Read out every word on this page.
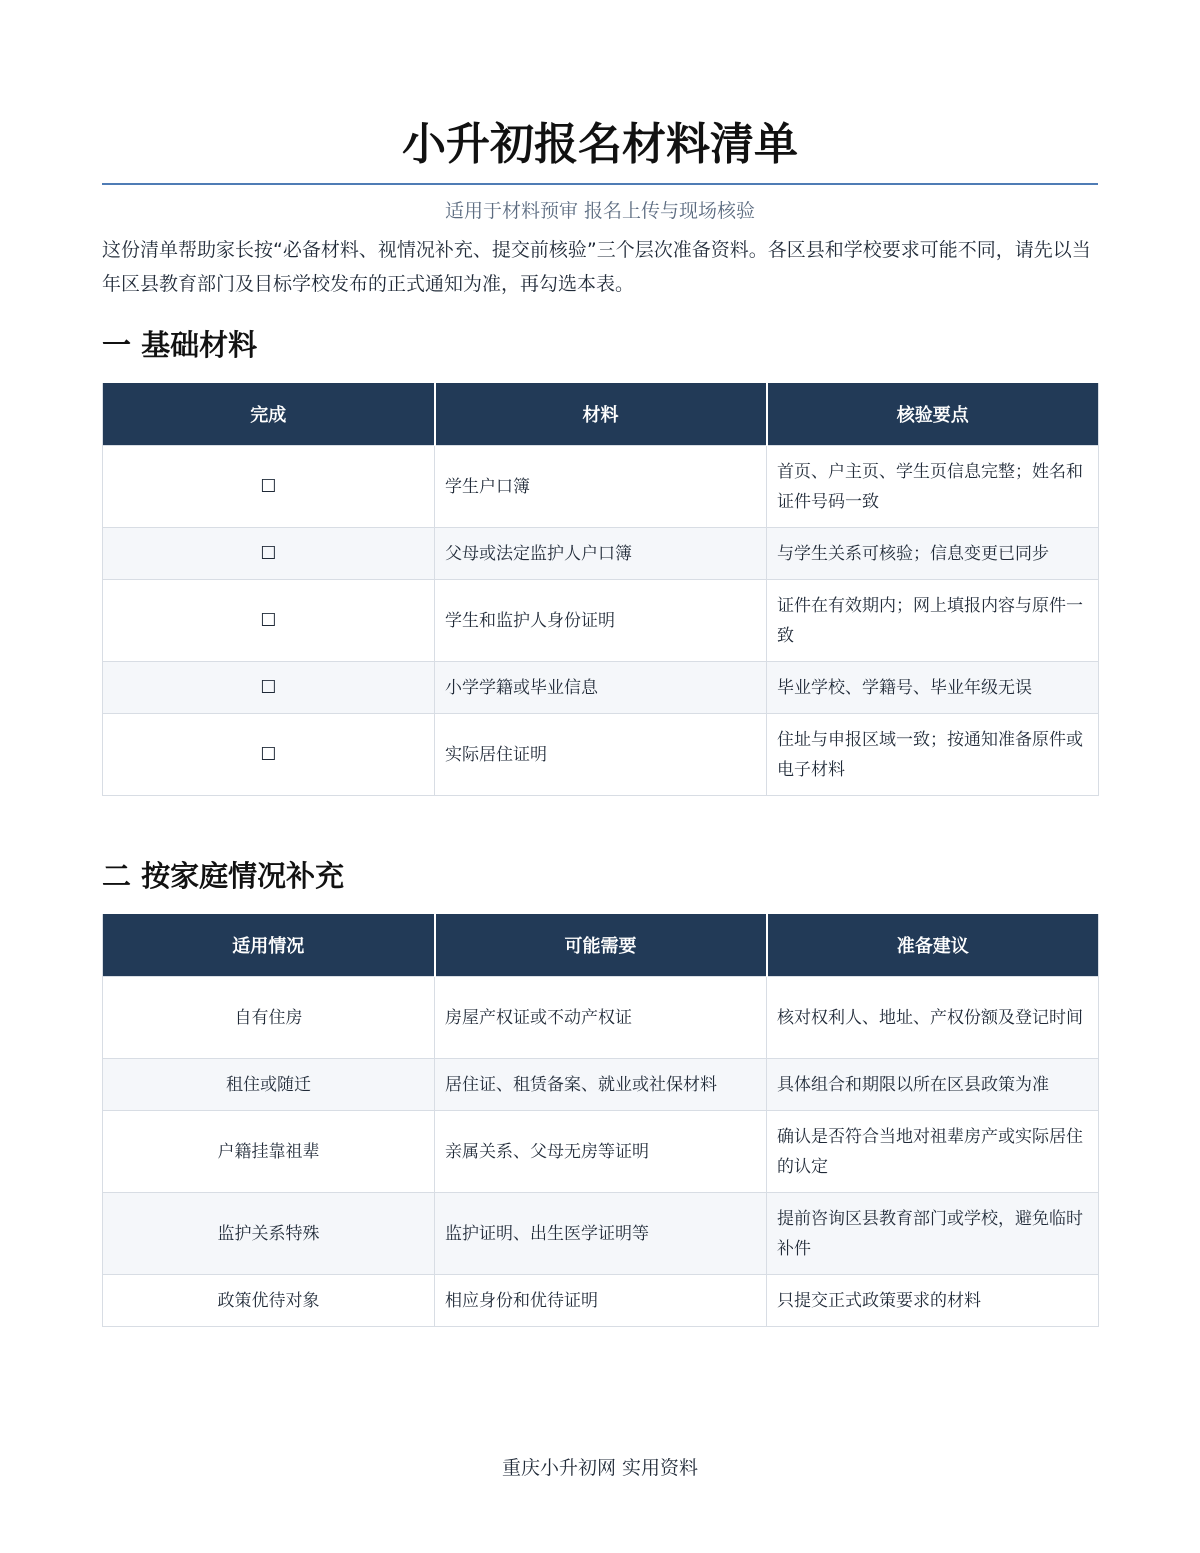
小升初报名材料清单
适用于材料预审 报名上传与现场核验
这份清单帮助家长按“必备材料、视情况补充、提交前核验”三个层次准备资料。各区县和学校要求可能不同，请先以当年区县教育部门及目标学校发布的正式通知为准，再勾选本表。
一 基础材料
完成	材料	核验要点
☐	学生户口簿	首页、户主页、学生页信息完整；姓名和证件号码一致
☐	父母或法定监护人户口簿	与学生关系可核验；信息变更已同步
☐	学生和监护人身份证明	证件在有效期内；网上填报内容与原件一致
☐	小学学籍或毕业信息	毕业学校、学籍号、毕业年级无误
☐	实际居住证明	住址与申报区域一致；按通知准备原件或电子材料
二 按家庭情况补充
适用情况	可能需要	准备建议
自有住房	房屋产权证或不动产权证	核对权利人、地址、产权份额及登记时间
租住或随迁	居住证、租赁备案、就业或社保材料	具体组合和期限以所在区县政策为准
户籍挂靠祖辈	亲属关系、父母无房等证明	确认是否符合当地对祖辈房产或实际居住的认定
监护关系特殊	监护证明、出生医学证明等	提前咨询区县教育部门或学校，避免临时补件
政策优待对象	相应身份和优待证明	只提交正式政策要求的材料
重庆小升初网 实用资料
